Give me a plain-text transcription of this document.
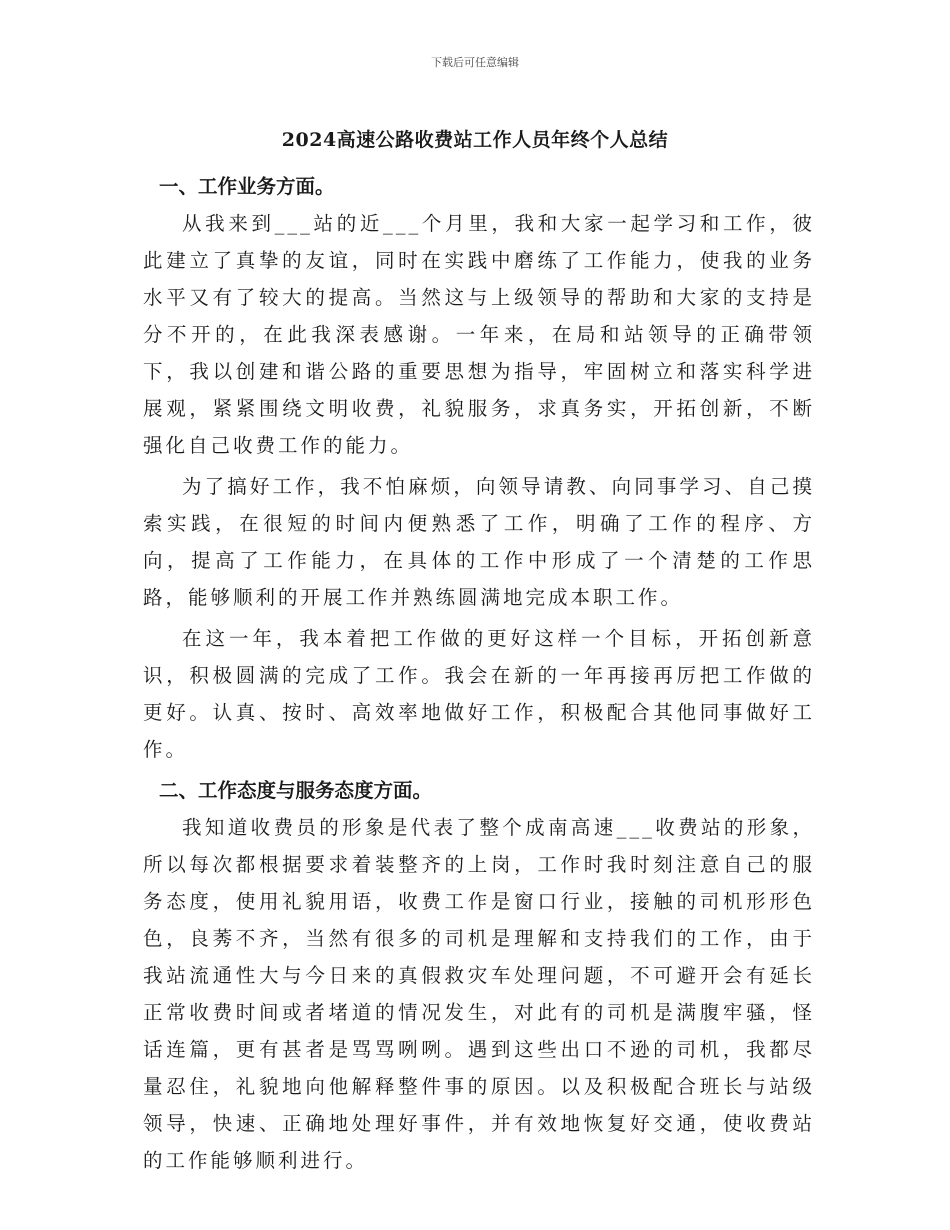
下载后可任意编辑
2024高速公路收费站工作人员年终个人总结

一、工作业务方面。

从我来到___站的近___个月里，我和大家一起学习和工作，彼此建立了真挚的友谊，同时在实践中磨练了工作能力，使我的业务水平又有了较大的提高。当然这与上级领导的帮助和大家的支持是分不开的，在此我深表感谢。一年来，在局和站领导的正确带领下，我以创建和谐公路的重要思想为指导，牢固树立和落实科学进展观，紧紧围绕文明收费，礼貌服务，求真务实，开拓创新，不断强化自己收费工作的能力。

为了搞好工作，我不怕麻烦，向领导请教、向同事学习、自己摸索实践，在很短的时间内便熟悉了工作，明确了工作的程序、方向，提高了工作能力，在具体的工作中形成了一个清楚的工作思路，能够顺利的开展工作并熟练圆满地完成本职工作。

在这一年，我本着把工作做的更好这样一个目标，开拓创新意识，积极圆满的完成了工作。我会在新的一年再接再厉把工作做的更好。认真、按时、高效率地做好工作，积极配合其他同事做好工作。

二、工作态度与服务态度方面。

我知道收费员的形象是代表了整个成南高速___收费站的形象，所以每次都根据要求着装整齐的上岗，工作时我时刻注意自己的服务态度，使用礼貌用语，收费工作是窗口行业，接触的司机形形色色，良莠不齐，当然有很多的司机是理解和支持我们的工作，由于我站流通性大与今日来的真假救灾车处理问题，不可避开会有延长正常收费时间或者堵道的情况发生，对此有的司机是满腹牢骚，怪话连篇，更有甚者是骂骂咧咧。遇到这些出口不逊的司机，我都尽量忍住，礼貌地向他解释整件事的原因。以及积极配合班长与站级领导，快速、正确地处理好事件，并有效地恢复好交通，使收费站的工作能够顺利进行。
